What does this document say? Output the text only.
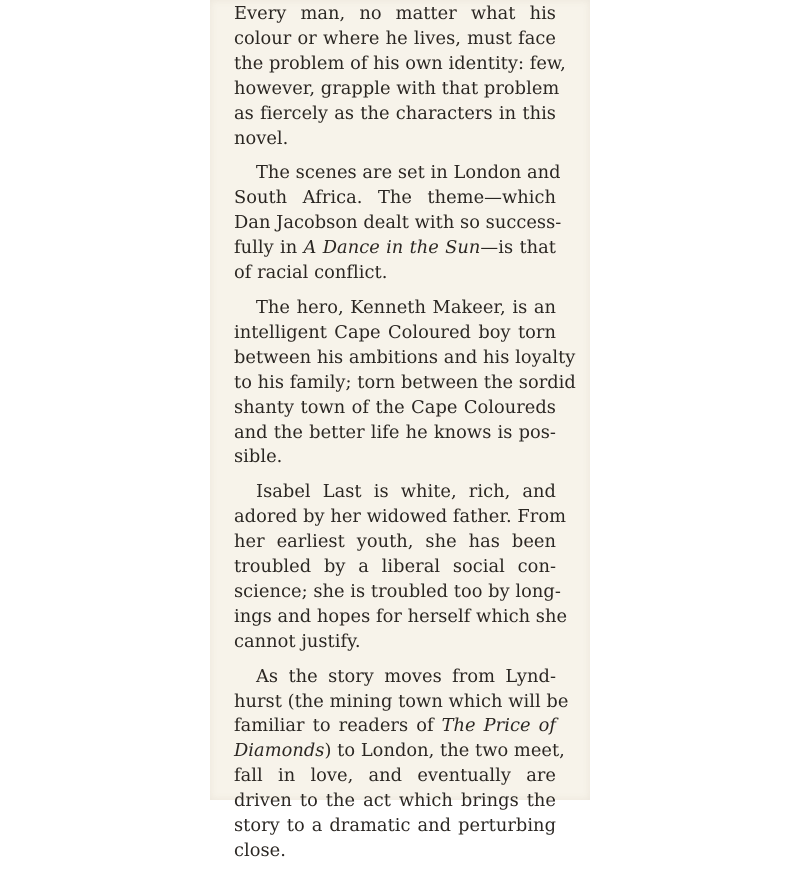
Every man, no matter what his
colour or where he lives, must face
the problem of his own identity: few,
however, grapple with that problem
as fiercely as the characters in this
novel.
The scenes are set in London and
South Africa. The theme—which
Dan Jacobson dealt with so success-
fully in A Dance in the Sun—is that
of racial conflict.
The hero, Kenneth Makeer, is an
intelligent Cape Coloured boy torn
between his ambitions and his loyalty
to his family; torn between the sordid
shanty town of the Cape Coloureds
and the better life he knows is pos-
sible.
Isabel Last is white, rich, and
adored by her widowed father. From
her earliest youth, she has been
troubled by a liberal social con-
science; she is troubled too by long-
ings and hopes for herself which she
cannot justify.
As the story moves from Lynd-
hurst (the mining town which will be
familiar to readers of The Price of
Diamonds) to London, the two meet,
fall in love, and eventually are
driven to the act which brings the
story to a dramatic and perturbing
close.
